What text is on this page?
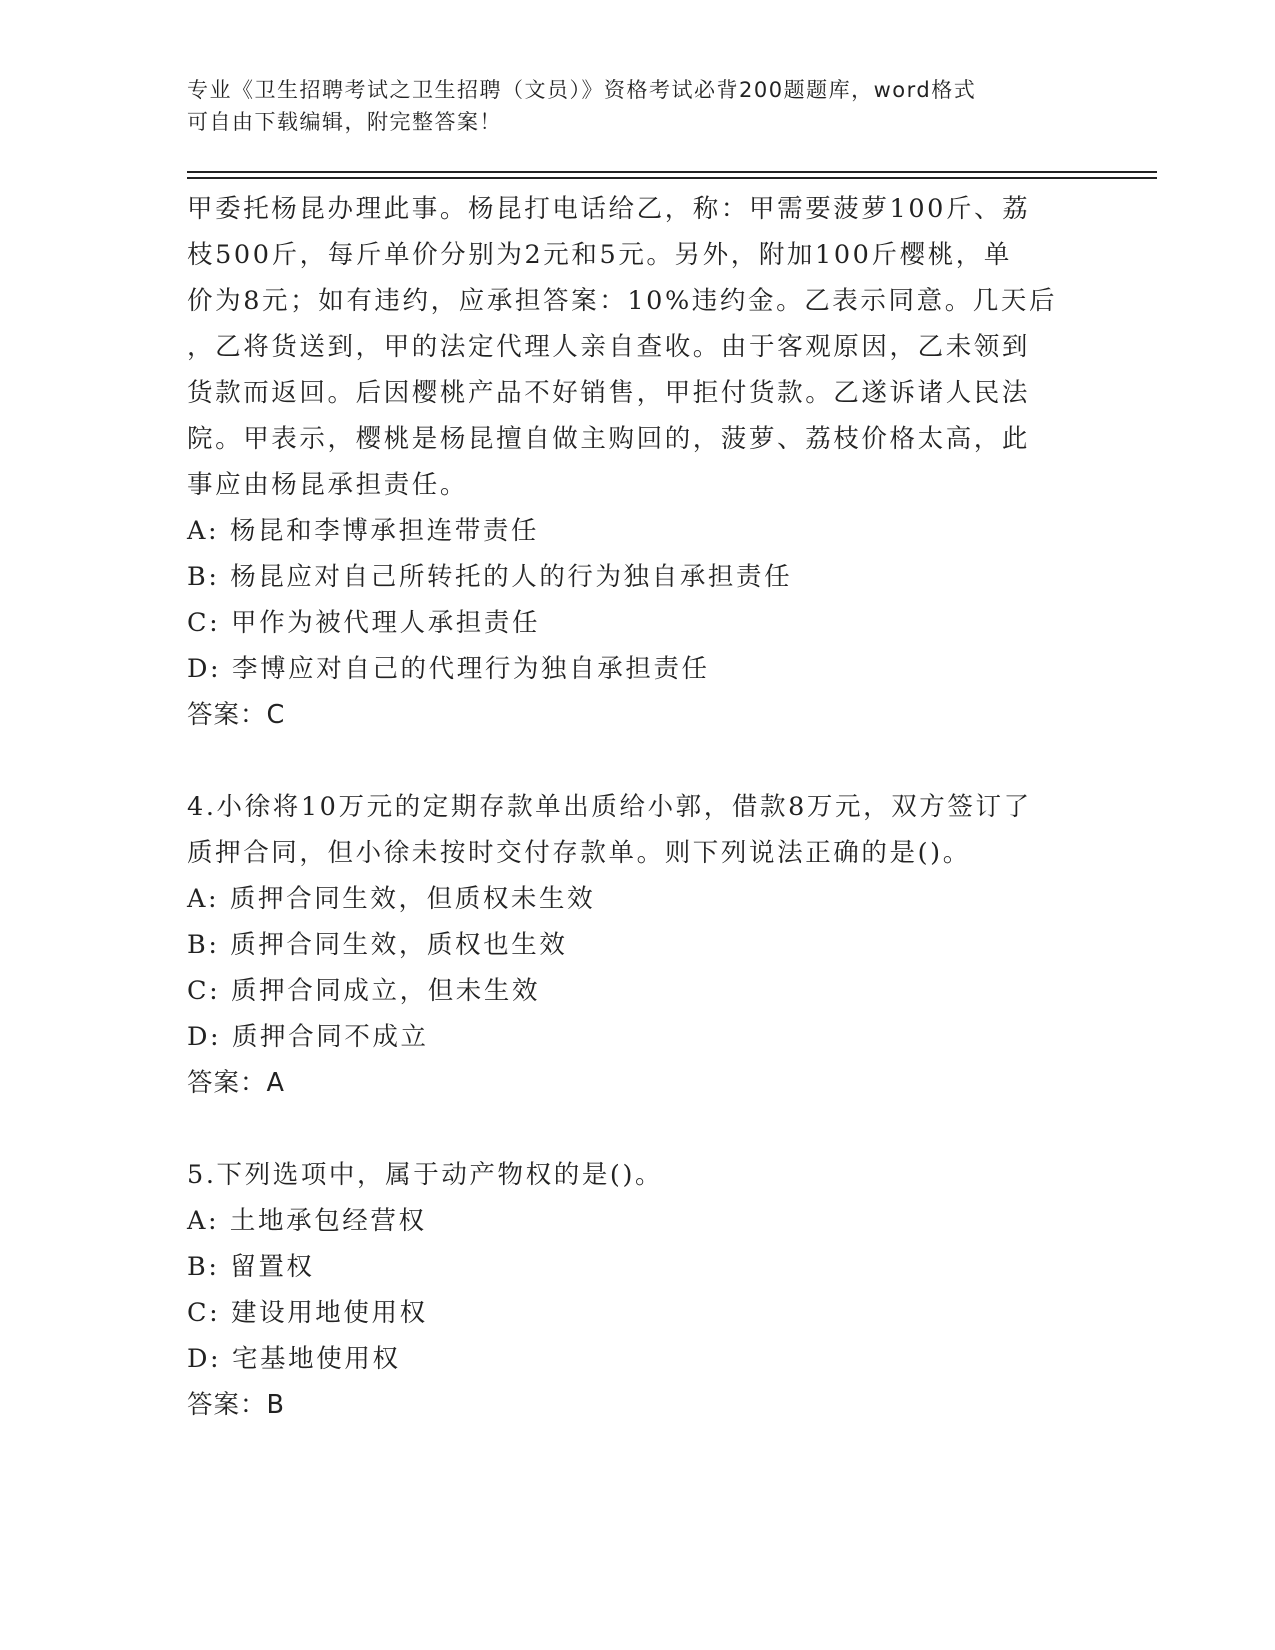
专业《卫生招聘考试之卫生招聘（文员）》资格考试必背200题题库，word格式
可自由下载编辑，附完整答案！
甲委托杨昆办理此事。杨昆打电话给乙，称：甲需要菠萝100斤、荔
枝500斤，每斤单价分别为2元和5元。另外，附加100斤樱桃，单
价为8元；如有违约，应承担答案：10%违约金。乙表示同意。几天后
，乙将货送到，甲的法定代理人亲自查收。由于客观原因，乙未领到
货款而返回。后因樱桃产品不好销售，甲拒付货款。乙遂诉诸人民法
院。甲表示，樱桃是杨昆擅自做主购回的，菠萝、荔枝价格太高，此
事应由杨昆承担责任。
A: 杨昆和李博承担连带责任
B: 杨昆应对自己所转托的人的行为独自承担责任
C: 甲作为被代理人承担责任
D: 李博应对自己的代理行为独自承担责任
答案：C
4.小徐将10万元的定期存款单出质给小郭，借款8万元，双方签订了
质押合同，但小徐未按时交付存款单。则下列说法正确的是()。
A: 质押合同生效，但质权未生效
B: 质押合同生效，质权也生效
C: 质押合同成立，但未生效
D: 质押合同不成立
答案：A
5.下列选项中，属于动产物权的是()。
A: 土地承包经营权
B: 留置权
C: 建设用地使用权
D: 宅基地使用权
答案：B
